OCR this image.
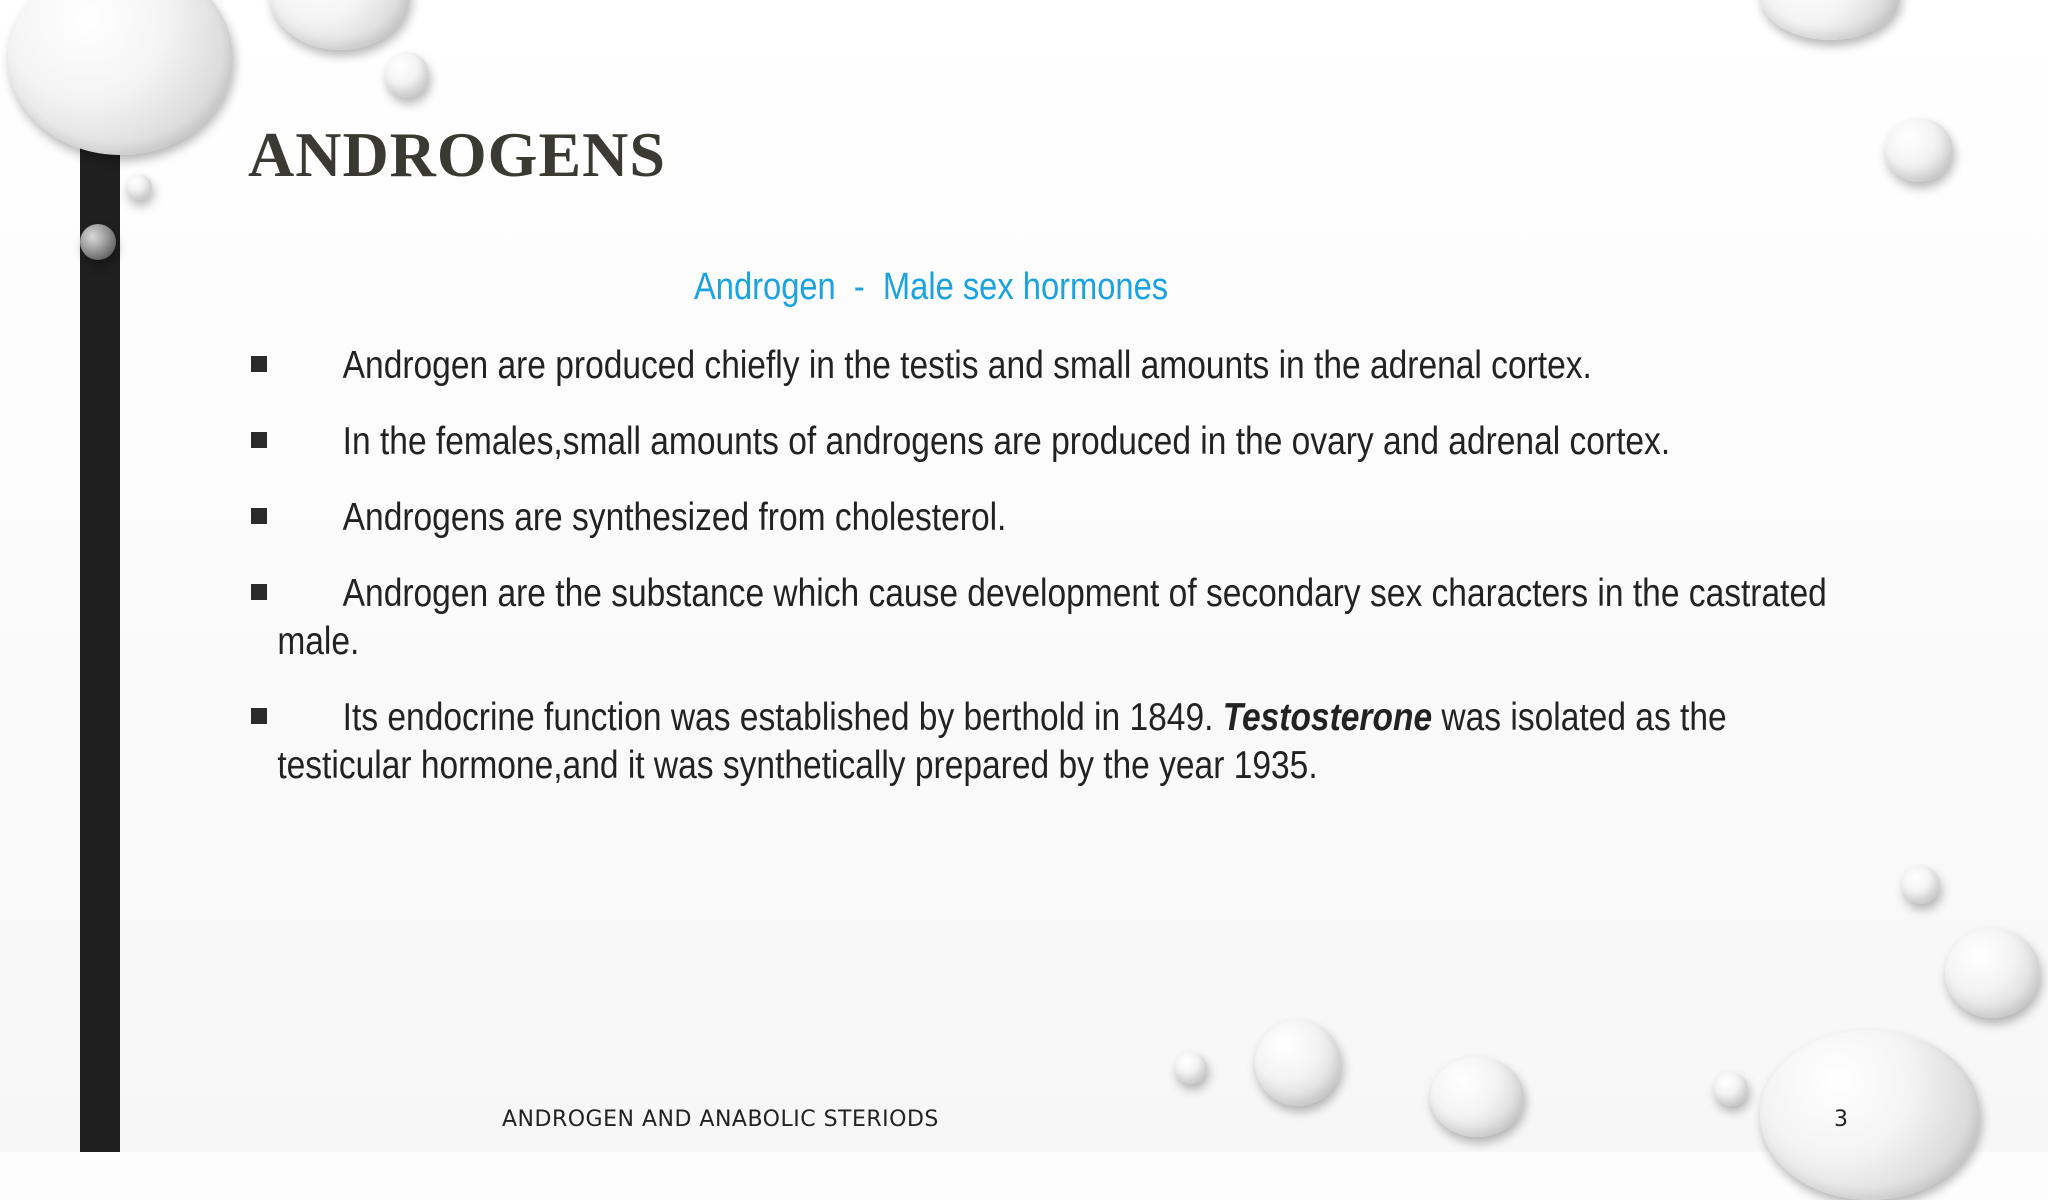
ANDROGENS
Androgen  -  Male sex hormones
Androgen are produced chiefly in the testis and small amounts in the adrenal cortex.
In the females,small amounts of androgens are produced in the ovary and adrenal cortex.
Androgens are synthesized from cholesterol.
Androgen are the substance which cause development of secondary sex characters in the castrated
male.
Its endocrine function was established by berthold in 1849. Testosterone was isolated as the
testicular hormone,and it was synthetically prepared by the year 1935.
ANDROGEN AND ANABOLIC STERIODS	3
